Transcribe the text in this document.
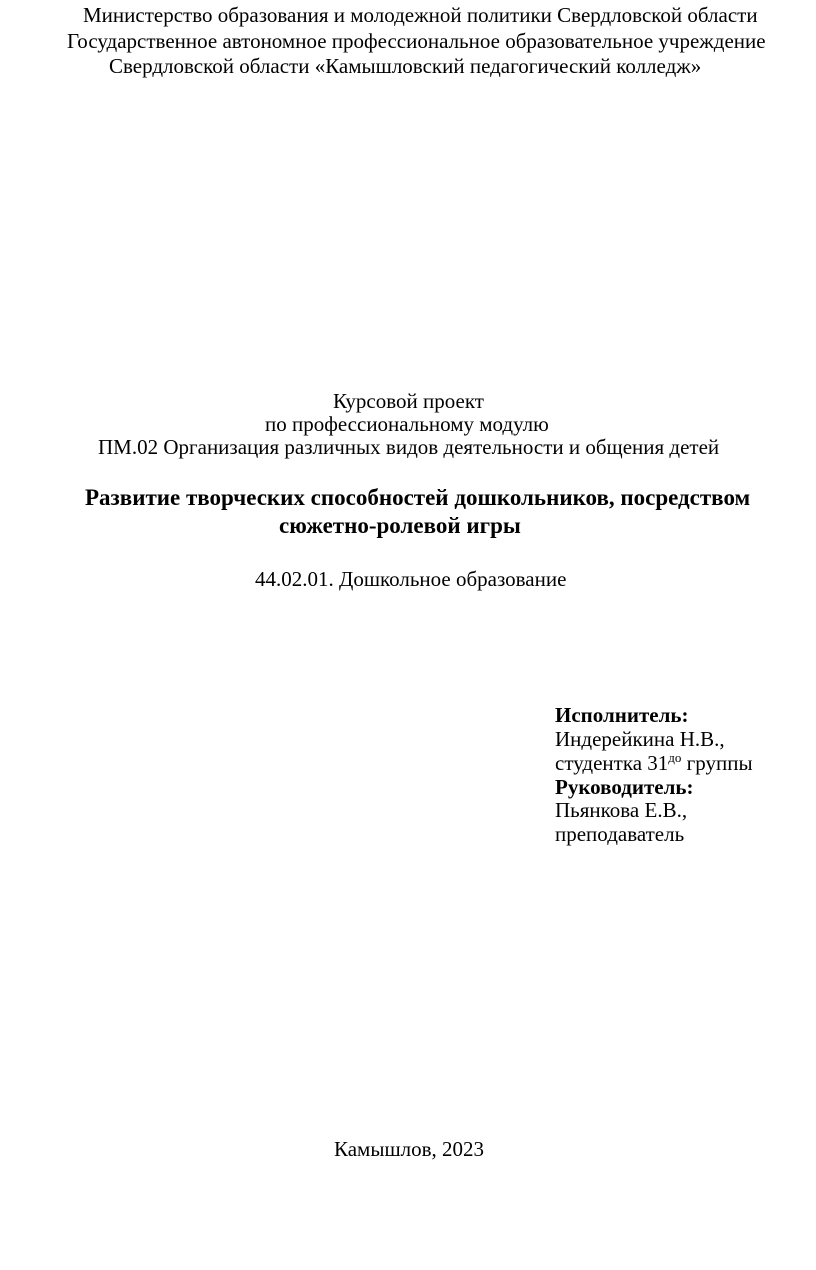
Министерство образования и молодежной политики Свердловской области
Государственное автономное профессиональное образовательное учреждение
Свердловской области «Камышловский педагогический колледж»
Курсовой проект
по профессиональному модулю
ПМ.02 Организация различных видов деятельности и общения детей
Развитие творческих способностей дошкольников, посредством
сюжетно-ролевой игры
44.02.01. Дошкольное образование
Исполнитель:
Индерейкина Н.В.,
студентка $31^{до}$ группы
Руководитель:
Пьянкова Е.В.,
преподаватель
Камышлов, 2023
